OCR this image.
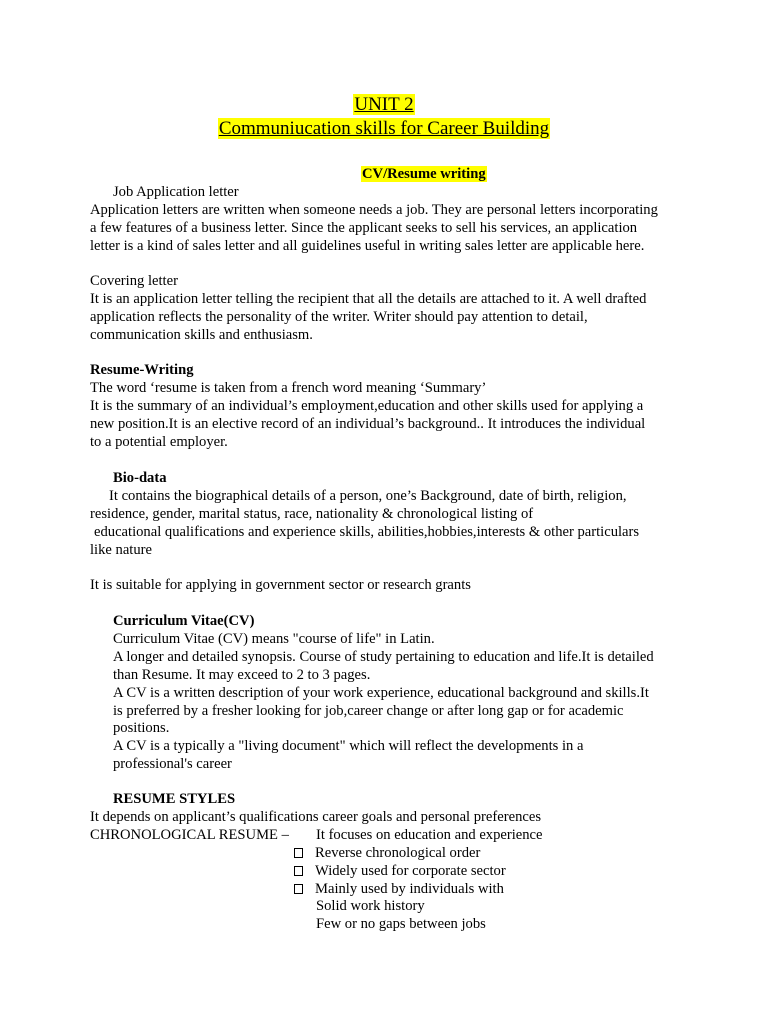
UNIT 2
Communiucation skills for Career Building
CV/Resume writing
Job Application letter
Application letters are written when someone needs a job. They are personal letters incorporating
a few features of a business letter. Since the applicant seeks to sell his services, an application
letter is a kind of sales letter and all guidelines useful in writing sales letter are applicable here.
Covering letter
It is an application letter telling the recipient that all the details are attached to it. A well drafted
application reflects the personality of the writer. Writer should pay attention to detail,
communication skills and enthusiasm.
Resume-Writing
The word ‘resume is taken from a french word meaning ‘Summary’
It is the summary of an individual’s employment,education and other skills used for applying a
new position.It is an elective record of an individual’s background.. It introduces the individual
to a potential employer.
Bio-data
It contains the biographical details of a person, one’s Background, date of birth, religion,
residence, gender, marital status, race, nationality & chronological listing of
educational qualifications and experience skills, abilities,hobbies,interests & other particulars
like nature
It is suitable for applying in government sector or research grants
Curriculum Vitae(CV)
Curriculum Vitae (CV) means "course of life" in Latin.
A longer and detailed synopsis. Course of study pertaining to education and life.It is detailed
than Resume. It may exceed to 2 to 3 pages.
A CV is a written description of your work experience, educational background and skills.It
is preferred by a fresher looking for job,career change or after long gap or for academic
positions.
A CV is a typically a "living document" which will reflect the developments in a
professional's career
RESUME STYLES
It depends on applicant’s qualifications career goals and personal preferences
CHRONOLOGICAL RESUME – It focuses on education and experience
Reverse chronological order
Widely used for corporate sector
Mainly used by individuals with
Solid work history
Few or no gaps between jobs
